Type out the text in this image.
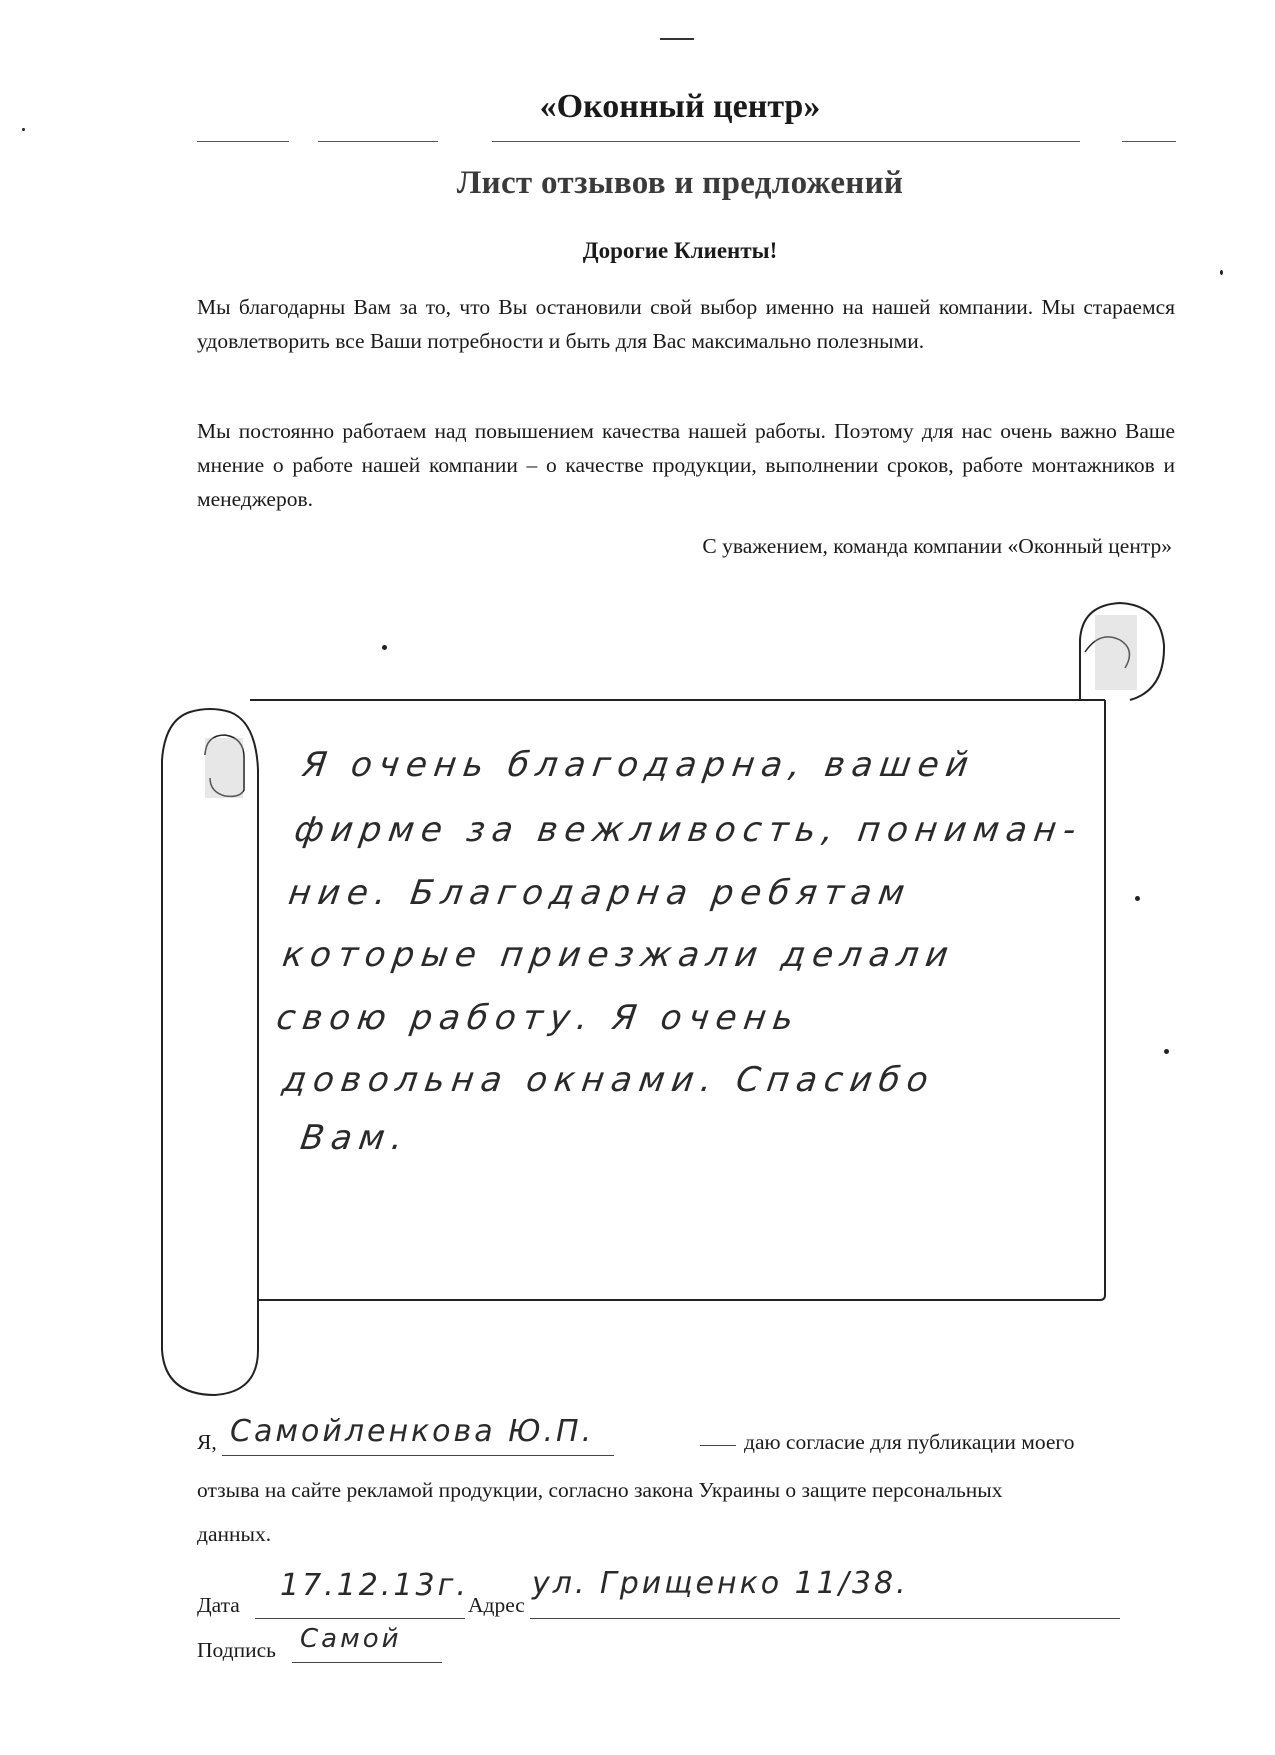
«Оконный центр»
Лист отзывов и предложений
Дорогие Клиенты!
Мы благодарны Вам за то, что Вы остановили свой выбор именно на нашей компании. Мы стараемся удовлетворить все Ваши потребности и быть для Вас максимально полезными.
Мы постоянно работаем над повышением качества нашей работы. Поэтому для нас очень важно Ваше мнение о работе нашей компании – о качестве продукции, выполнении сроков, работе монтажников и менеджеров.
С уважением, команда компании «Оконный центр»
Я очень благодарна, вашей
фирме за вежливость, пониман-
ние. Благодарна ребятам
которые приезжали делали
свою работу. Я очень
довольна окнами. Спасибо
Вам.
Я, Самойленкова Ю.П.	даю согласие для публикации моего
отзыва на сайте рекламой продукции, согласно закона Украины о защите персональных
данных.
Дата
17.12.13г.
Адрес
ул. Грищенко 11/38.
Подпись Самой
